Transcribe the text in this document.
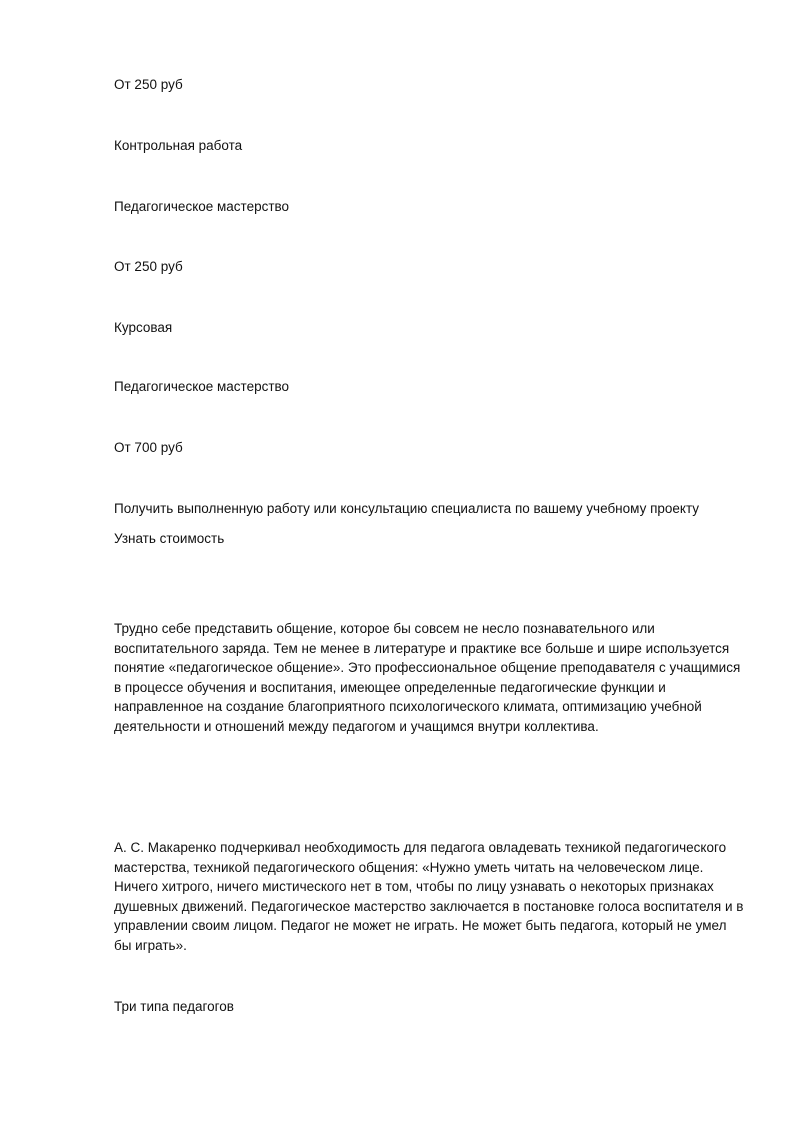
От 250 руб
Контрольная работа
Педагогическое мастерство
От 250 руб
Курсовая
Педагогическое мастерство
От 700 руб
Получить выполненную работу или консультацию специалиста по вашему учебному проекту
Узнать стоимость
Трудно себе представить общение, которое бы совсем не несло познавательного или воспитательного заряда. Тем не менее в литературе и практике все больше и шире используется понятие «педагогическое общение». Это профессиональное общение преподавателя с учащимися в процессе обучения и воспитания, имеющее определенные педагогические функции и направленное на создание благоприятного психологического климата, оптимизацию учебной деятельности и отношений между педагогом и учащимся внутри коллектива.
А. С. Макаренко подчеркивал необходимость для педагога овладевать техникой педагогического мастерства, техникой педагогического общения: «Нужно уметь читать на человеческом лице. Ничего хитрого, ничего мистического нет в том, чтобы по лицу узнавать о некоторых признаках душевных движений. Педагогическое мастерство заключается в постановке голоса воспитателя и в управлении своим лицом. Педагог не может не играть. Не может быть педагога, который не умел бы играть».
Три типа педагогов
